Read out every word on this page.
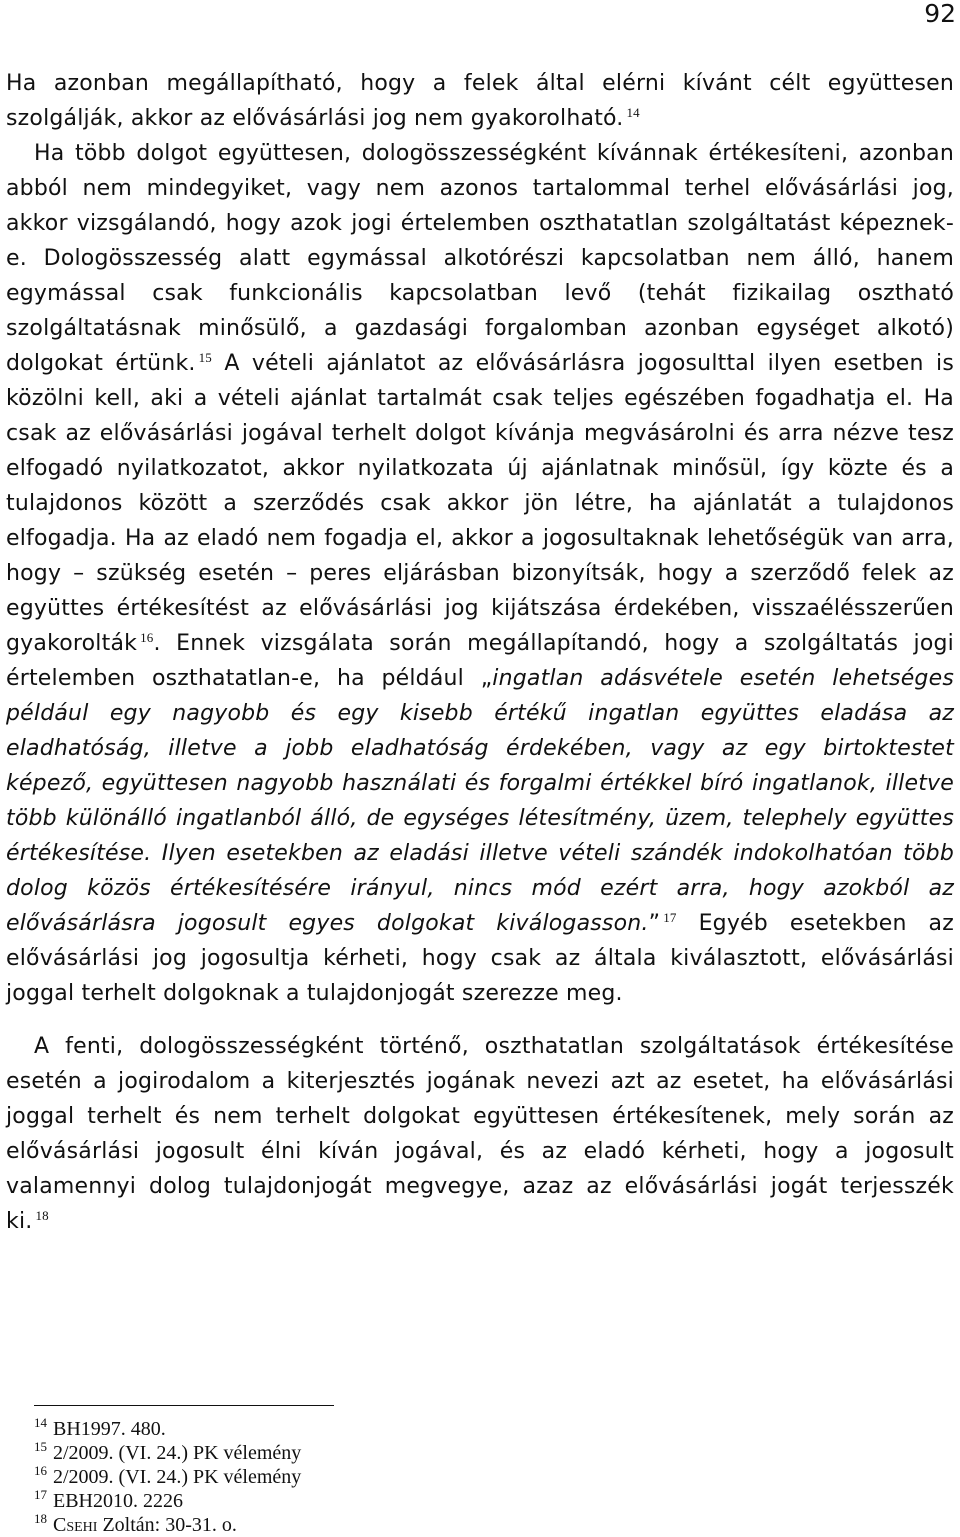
92

Ha azonban megállapítható, hogy a felek által elérni kívánt célt együttesen szolgálják, akkor az elővásárlási jog nem gyakorolható. $^{14}$

Ha több dolgot együttesen, dologösszességként kívánnak értékesíteni, azonban abból nem mindegyiket, vagy nem azonos tartalommal terhel elővásárlási jog, akkor vizsgálandó, hogy azok jogi értelemben oszthatatlan szolgáltatást képeznek-e. Dologösszesség alatt egymással alkotórészi kapcsolatban nem álló, hanem egymással csak funkcionális kapcsolatban levő (tehát fizikailag osztható szolgáltatásnak minősülő, a gazdasági forgalomban azonban egységet alkotó) dolgokat értünk. $^{15}$ A vételi ajánlatot az elővásárlásra jogosulttal ilyen esetben is közölni kell, aki a vételi ajánlat tartalmát csak teljes egészében fogadhatja el. Ha csak az elővásárlási jogával terhelt dolgot kívánja megvásárolni és arra nézve tesz elfogadó nyilatkozatot, akkor nyilatkozata új ajánlatnak minősül, így közte és a tulajdonos között a szerződés csak akkor jön létre, ha ajánlatát a tulajdonos elfogadja. Ha az eladó nem fogadja el, akkor a jogosultaknak lehetőségük van arra, hogy – szükség esetén – peres eljárásban bizonyítsák, hogy a szerződő felek az együttes értékesítést az elővásárlási jog kijátszása érdekében, visszaélésszerűen gyakorolták $^{16}$. Ennek vizsgálata során megállapítandó, hogy a szolgáltatás jogi értelemben oszthatatlan-e, ha például „ingatlan adásvétele esetén lehetséges például egy nagyobb és egy kisebb értékű ingatlan együttes eladása az eladhatóság, illetve a jobb eladhatóság érdekében, vagy az egy birtoktestet képező, együttesen nagyobb használati és forgalmi értékkel bíró ingatlanok, illetve több különálló ingatlanból álló, de egységes létesítmény, üzem, telephely együttes értékesítése. Ilyen esetekben az eladási illetve vételi szándék indokolhatóan több dolog közös értékesítésére irányul, nincs mód ezért arra, hogy azokból az elővásárlásra jogosult egyes dolgokat kiválogasson.” $^{17}$ Egyéb esetekben az elővásárlási jog jogosultja kérheti, hogy csak az általa kiválasztott, elővásárlási joggal terhelt dolgoknak a tulajdonjogát szerezze meg.

A fenti, dologösszességként történő, oszthatatlan szolgáltatások értékesítése esetén a jogirodalom a kiterjesztés jogának nevezi azt az esetet, ha elővásárlási joggal terhelt és nem terhelt dolgokat együttesen értékesítenek, mely során az elővásárlási jogosult élni kíván jogával, és az eladó kérheti, hogy a jogosult valamennyi dolog tulajdonjogát megvegye, azaz az elővásárlási jogát terjesszék ki. $^{18}$

$^{14}$ BH1997. 480.
$^{15}$ 2/2009. (VI. 24.) PK vélemény
$^{16}$ 2/2009. (VI. 24.) PK vélemény
$^{17}$ EBH2010. 2226
$^{18}$ Csehi Zoltán: 30-31. o.
